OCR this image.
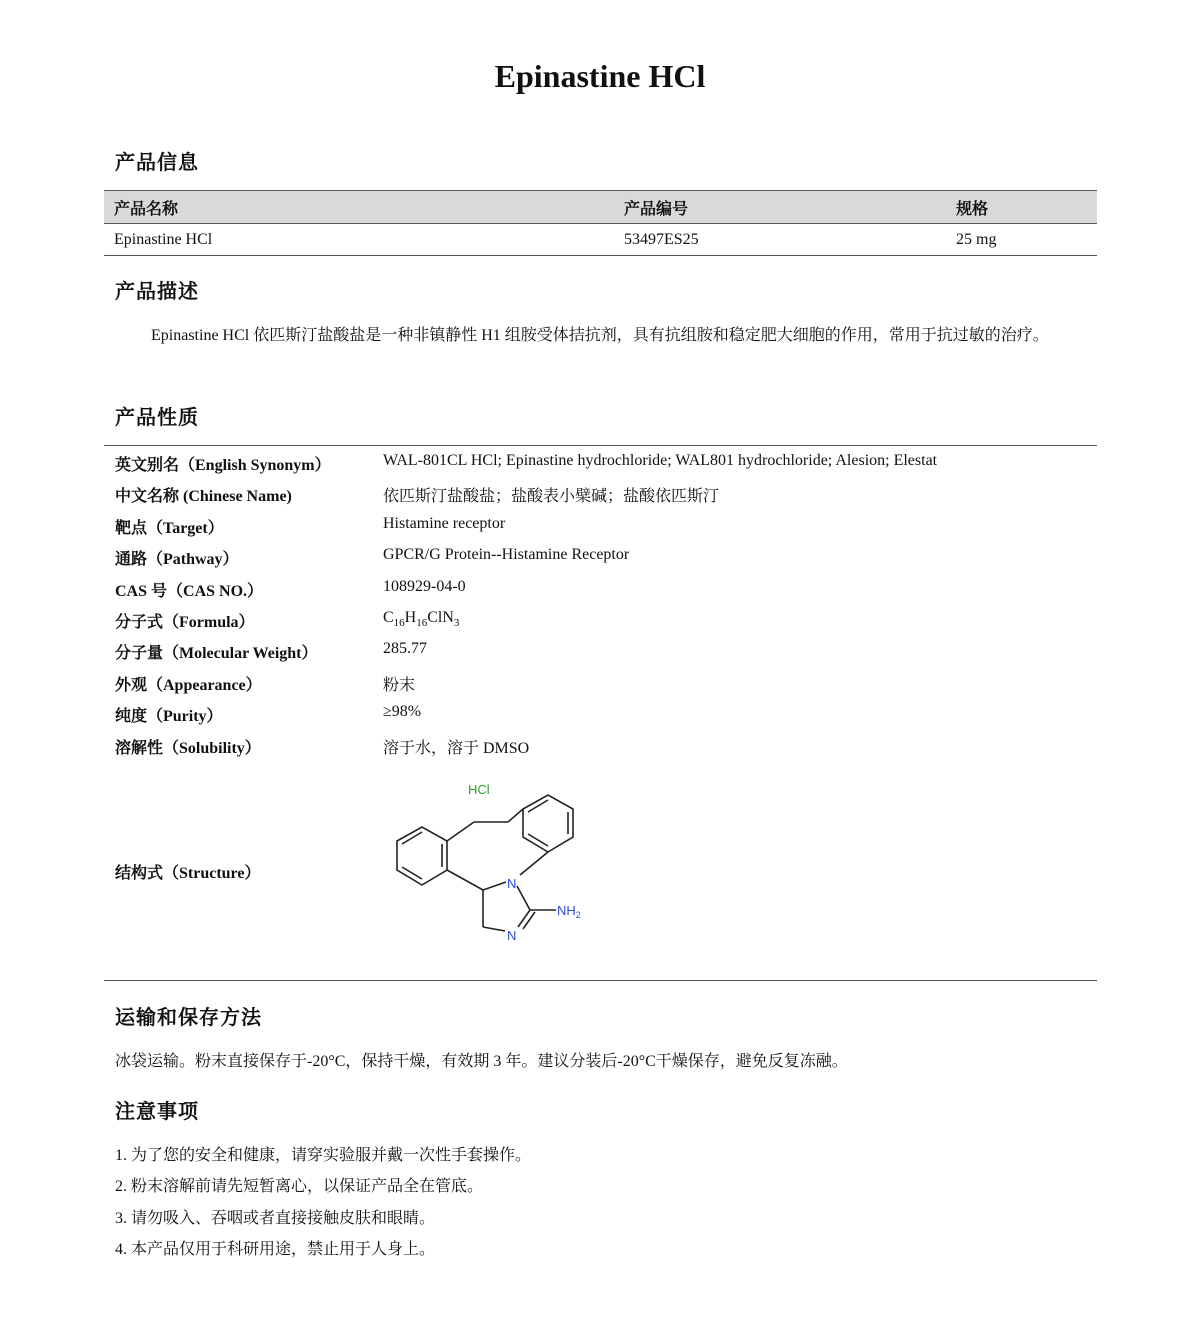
Epinastine HCl
产品信息
产品名称	产品编号	规格
Epinastine HCl	53497ES25	25 mg
产品描述

Epinastine HCl 依匹斯汀盐酸盐是一种非镇静性 H1 组胺受体拮抗剂，具有抗组胺和稳定肥大细胞的作用，常用于抗过敏的治疗。

产品性质
英文别名（English Synonym）	WAL-801CL HCl; Epinastine hydrochloride; WAL801 hydrochloride; Alesion; Elestat
中文名称 (Chinese Name)	依匹斯汀盐酸盐；盐酸表小檗碱；盐酸依匹斯汀
靶点（Target）	Histamine receptor
通路（Pathway）	GPCR/G Protein--Histamine Receptor
CAS 号（CAS NO.）	108929-04-0
分子式（Formula）	$C_{16}H_{16}ClN_3$
分子量（Molecular Weight）	285.77
外观（Appearance）	粉末
纯度（Purity）	≥98%
溶解性（Solubility）	溶于水，溶于 DMSO
结构式（Structure）
HCl
N
N
$NH_2$
运输和保存方法

冰袋运输。粉末直接保存于-20°C，保持干燥，有效期 3 年。建议分装后-20°C干燥保存，避免反复冻融。

注意事项
1. 为了您的安全和健康，请穿实验服并戴一次性手套操作。
2. 粉末溶解前请先短暂离心，以保证产品全在管底。
3. 请勿吸入、吞咽或者直接接触皮肤和眼睛。
4. 本产品仅用于科研用途，禁止用于人身上。
